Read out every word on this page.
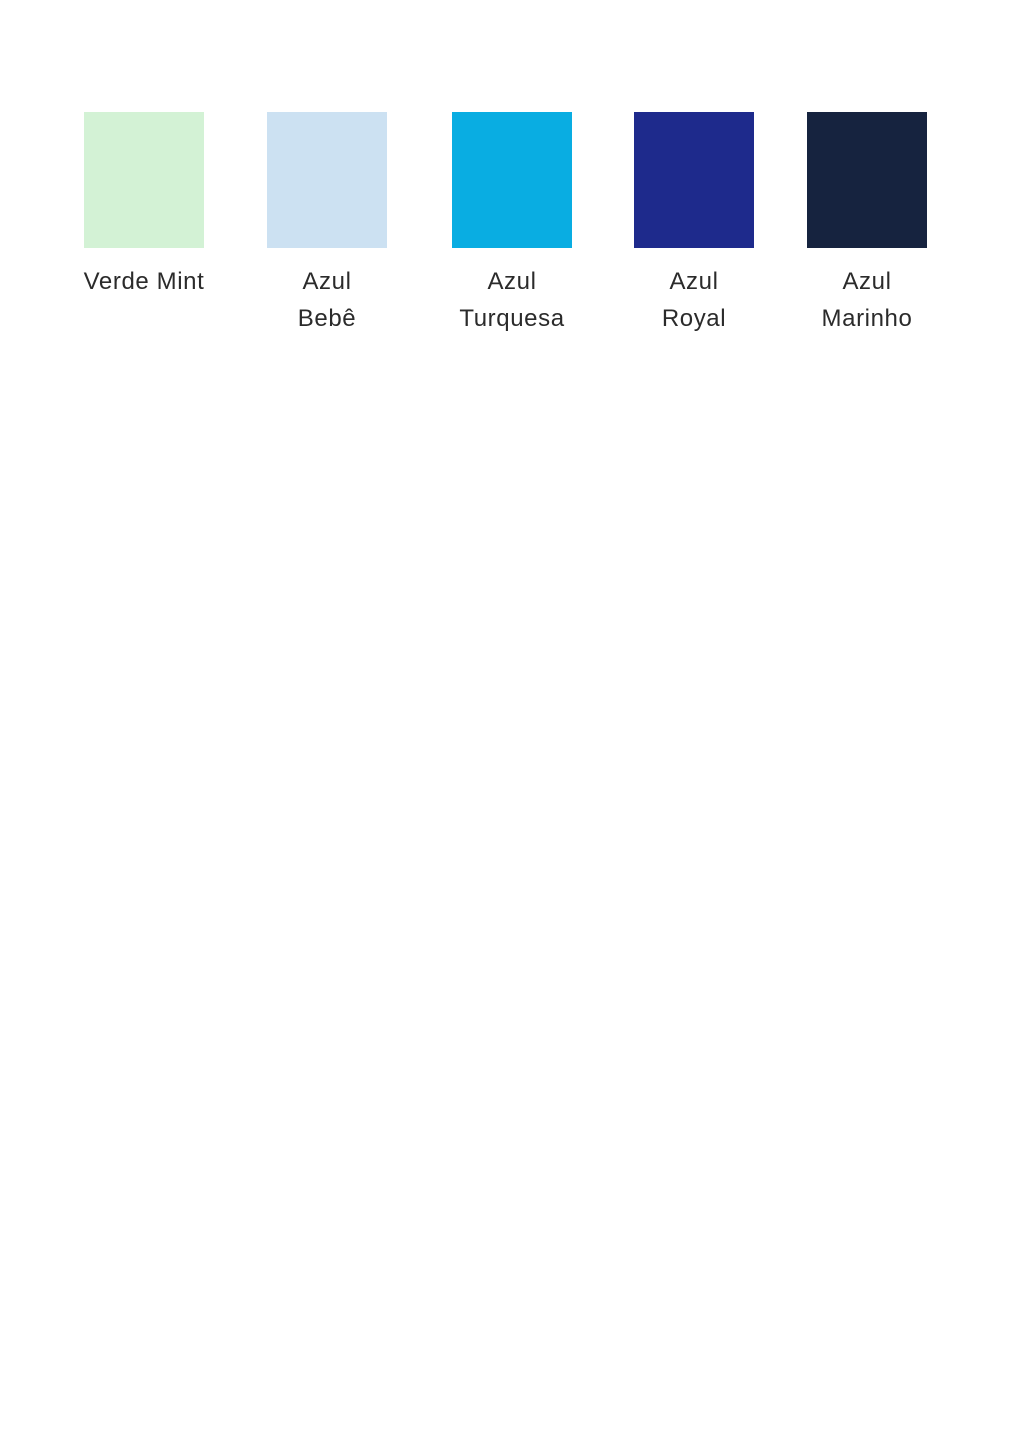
Verde Mint	Azul
Bebê
Azul
Turquesa
Azul
Royal
Azul
Marinho
